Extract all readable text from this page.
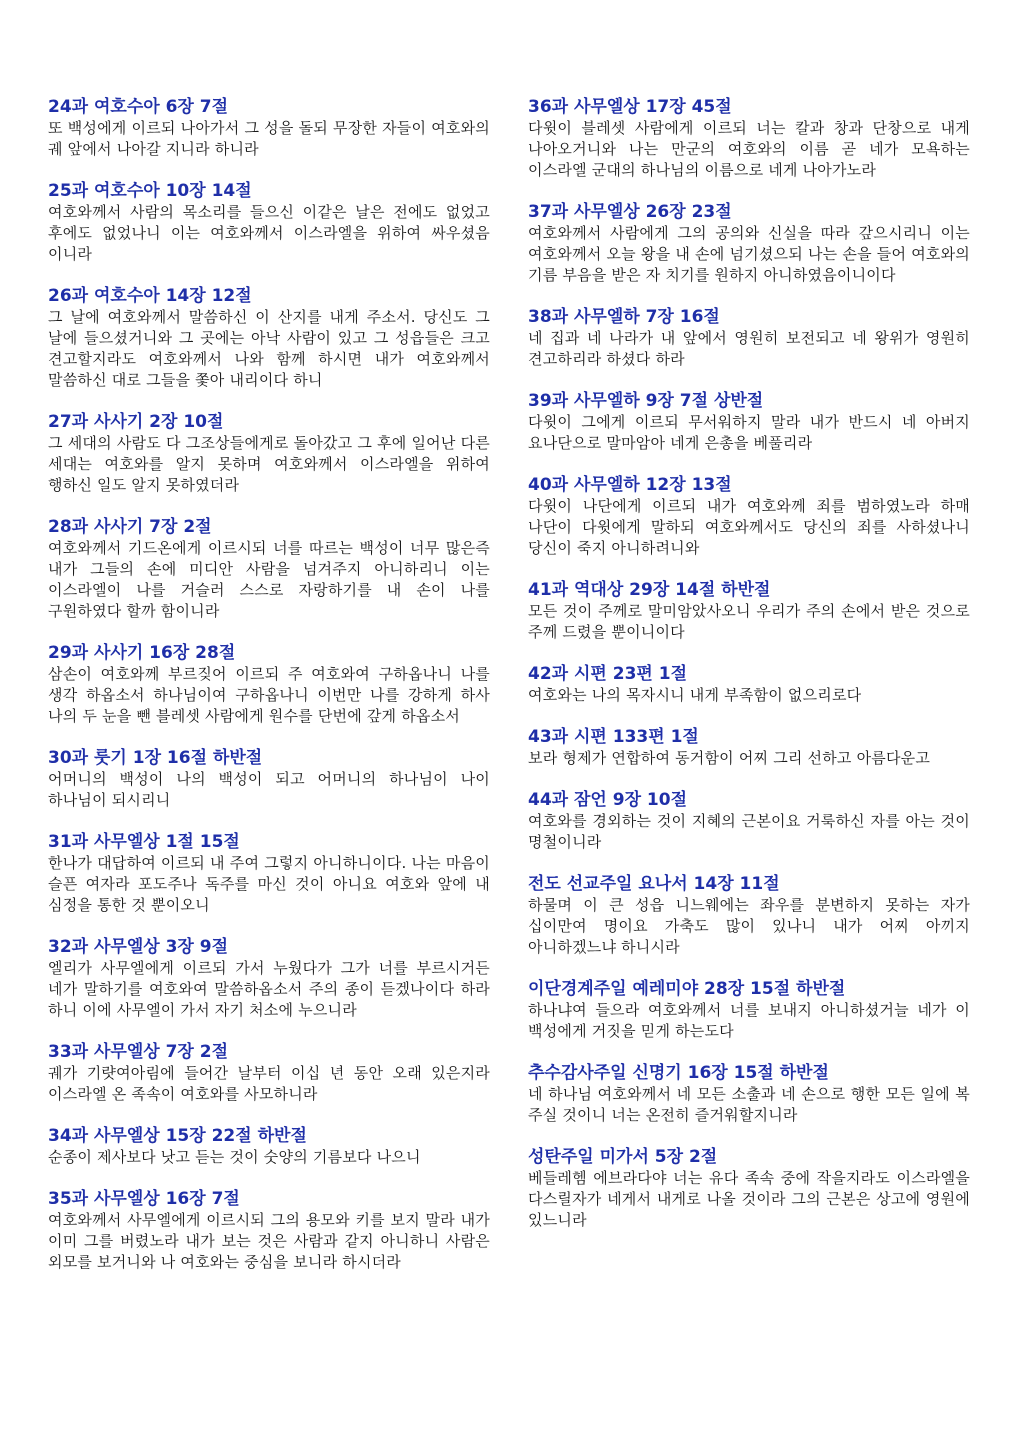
24과 여호수아 6장 7절
또 백성에게 이르되 나아가서 그 성을 돌되 무장한 자들이 여호와의 궤 앞에서 나아갈 지니라 하니라
25과 여호수아 10장 14절
여호와께서 사람의 목소리를 들으신 이같은 날은 전에도 없었고 후에도 없었나니 이는 여호와께서 이스라엘을 위하여 싸우셨음 이니라
26과 여호수아 14장 12절
그 날에 여호와께서 말씀하신 이 산지를 내게 주소서. 당신도 그 날에 들으셨거니와 그 곳에는 아낙 사람이 있고 그 성읍들은 크고 견고할지라도 여호와께서 나와 함께 하시면 내가 여호와께서 말씀하신 대로 그들을 쫓아 내리이다 하니
27과 사사기 2장 10절
그 세대의 사람도 다 그조상들에게로 돌아갔고 그 후에 일어난 다른 세대는 여호와를 알지 못하며 여호와께서 이스라엘을 위하여 행하신 일도 알지 못하였더라
28과 사사기 7장 2절
여호와께서 기드온에게 이르시되 너를 따르는 백성이 너무 많은즉 내가 그들의 손에 미디안 사람을 넘겨주지 아니하리니 이는 이스라엘이 나를 거슬러 스스로 자랑하기를 내 손이 나를 구원하였다 할까 함이니라
29과 사사기 16장 28절
삼손이 여호와께 부르짖어 이르되 주 여호와여 구하옵나니 나를 생각 하옵소서 하나님이여 구하옵나니 이번만 나를 강하게 하사 나의 두 눈을 뺀 블레셋 사람에게 원수를 단번에 갚게 하옵소서
30과 룻기 1장 16절 하반절
어머니의 백성이 나의 백성이 되고 어머니의 하나님이 나이 하나님이 되시리니
31과 사무엘상 1절 15절
한나가 대답하여 이르되 내 주여 그렇지 아니하니이다. 나는 마음이 슬픈 여자라 포도주나 독주를 마신 것이 아니요 여호와 앞에 내 심정을 통한 것 뿐이오니
32과 사무엘상 3장 9절
엘리가 사무엘에게 이르되 가서 누웠다가 그가 너를 부르시거든 네가 말하기를 여호와여 말씀하옵소서 주의 종이 듣겠나이다 하라 하니 이에 사무엘이 가서 자기 처소에 누으니라
33과 사무엘상 7장 2절
궤가 기럇여아림에 들어간 날부터 이십 년 동안 오래 있은지라 이스라엘 온 족속이 여호와를 사모하니라
34과 사무엘상 15장 22절 하반절
순종이 제사보다 낫고 듣는 것이 숫양의 기름보다 나으니
35과 사무엘상 16장 7절
여호와께서 사무엘에게 이르시되 그의 용모와 키를 보지 말라 내가 이미 그를 버렸노라 내가 보는 것은 사람과 같지 아니하니 사람은 외모를 보거니와 나 여호와는 중심을 보니라 하시더라
36과 사무엘상 17장 45절
다윗이 블레셋 사람에게 이르되 너는 칼과 창과 단창으로 내게 나아오거니와 나는 만군의 여호와의 이름 곧 네가 모욕하는 이스라엘 군대의 하나님의 이름으로 네게 나아가노라
37과 사무엘상 26장 23절
여호와께서 사람에게 그의 공의와 신실을 따라 갚으시리니 이는 여호와께서 오늘 왕을 내 손에 넘기셨으되 나는 손을 들어 여호와의 기름 부음을 받은 자 치기를 원하지 아니하였음이니이다
38과 사무엘하 7장 16절
네 집과 네 나라가 내 앞에서 영원히 보전되고 네 왕위가 영원히 견고하리라 하셨다 하라
39과 사무엘하 9장 7절 상반절
다윗이 그에게 이르되 무서워하지 말라 내가 반드시 네 아버지 요나단으로 말마암아 네게 은총을 베풀리라
40과 사무엘하 12장 13절
다윗이 나단에게 이르되 내가 여호와께 죄를 범하였노라 하매 나단이 다윗에게 말하되 여호와께서도 당신의 죄를 사하셨나니 당신이 죽지 아니하려니와
41과 역대상 29장 14절 하반절
모든 것이 주께로 말미암았사오니 우리가 주의 손에서 받은 것으로 주께 드렸을 뿐이니이다
42과 시편 23편 1절
여호와는 나의 목자시니 내게 부족함이 없으리로다
43과 시편 133편 1절
보라 형제가 연합하여 동거함이 어찌 그리 선하고 아름다운고
44과 잠언 9장 10절
여호와를 경외하는 것이 지혜의 근본이요 거룩하신 자를 아는 것이 명철이니라
전도 선교주일 요나서 14장 11절
하물며 이 큰 성읍 니느웨에는 좌우를 분변하지 못하는 자가 십이만여 명이요 가축도 많이 있나니 내가 어찌 아끼지 아니하겠느냐 하니시라
이단경계주일 예레미야 28장 15절 하반절
하나냐여 들으라 여호와께서 너를 보내지 아니하셨거늘 네가 이 백성에게 거짓을 믿게 하는도다
추수감사주일 신명기 16장 15절 하반절
네 하나님 여호와께서 네 모든 소출과 네 손으로 행한 모든 일에 복 주실 것이니 너는 온전히 즐거워할지니라
성탄주일 미가서 5장 2절
베들레헴 에브라다야 너는 유다 족속 중에 작을지라도 이스라엘을 다스릴자가 네게서 내게로 나올 것이라 그의 근본은 상고에 영원에 있느니라
